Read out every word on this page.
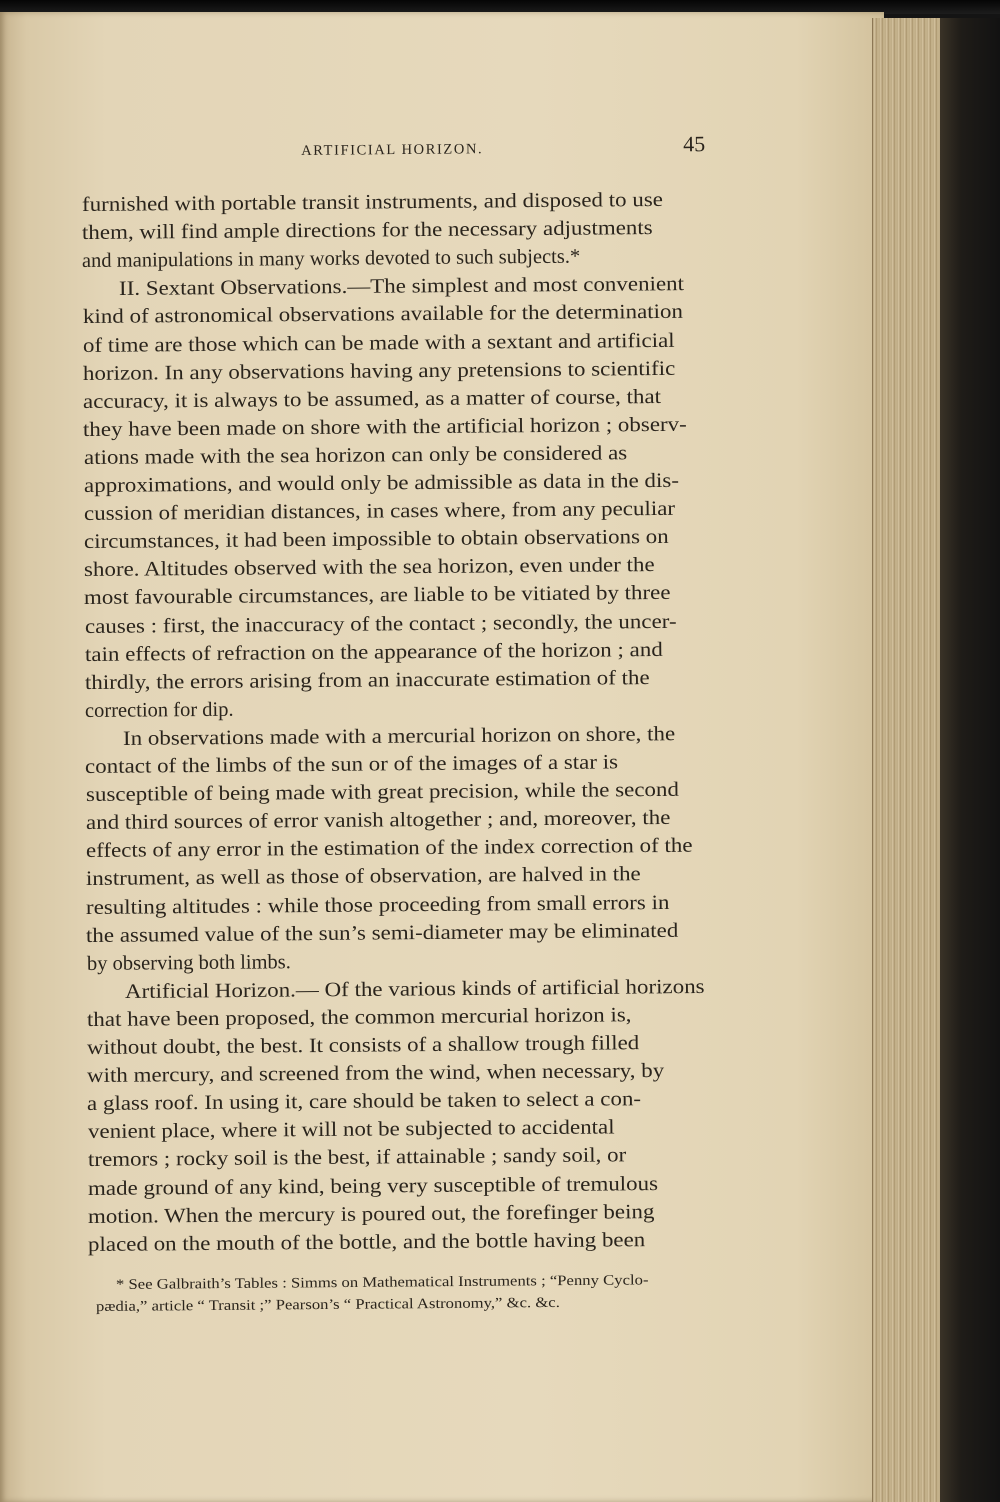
ARTIFICIAL HORIZON.	45
furnished with portable transit instruments, and disposed to use
them, will find ample directions for the necessary adjustments
and manipulations in many works devoted to such subjects.*
II. Sextant Observations.—The simplest and most convenient
kind of astronomical observations available for the determination
of time are those which can be made with a sextant and artificial
horizon. In any observations having any pretensions to scientific
accuracy, it is always to be assumed, as a matter of course, that
they have been made on shore with the artificial horizon ; observ-
ations made with the sea horizon can only be considered as
approximations, and would only be admissible as data in the dis-
cussion of meridian distances, in cases where, from any peculiar
circumstances, it had been impossible to obtain observations on
shore. Altitudes observed with the sea horizon, even under the
most favourable circumstances, are liable to be vitiated by three
causes : first, the inaccuracy of the contact ; secondly, the uncer-
tain effects of refraction on the appearance of the horizon ; and
thirdly, the errors arising from an inaccurate estimation of the
correction for dip.
In observations made with a mercurial horizon on shore, the
contact of the limbs of the sun or of the images of a star is
susceptible of being made with great precision, while the second
and third sources of error vanish altogether ; and, moreover, the
effects of any error in the estimation of the index correction of the
instrument, as well as those of observation, are halved in the
resulting altitudes : while those proceeding from small errors in
the assumed value of the sun’s semi-diameter may be eliminated
by observing both limbs.
Artificial Horizon.— Of the various kinds of artificial horizons
that have been proposed, the common mercurial horizon is,
without doubt, the best. It consists of a shallow trough filled
with mercury, and screened from the wind, when necessary, by
a glass roof. In using it, care should be taken to select a con-
venient place, where it will not be subjected to accidental
tremors ; rocky soil is the best, if attainable ; sandy soil, or
made ground of any kind, being very susceptible of tremulous
motion. When the mercury is poured out, the forefinger being
placed on the mouth of the bottle, and the bottle having been
* See Galbraith’s Tables : Simms on Mathematical Instruments ; “Penny Cyclo-
pædia,” article “ Transit ;” Pearson’s “ Practical Astronomy,” &c. &c.
